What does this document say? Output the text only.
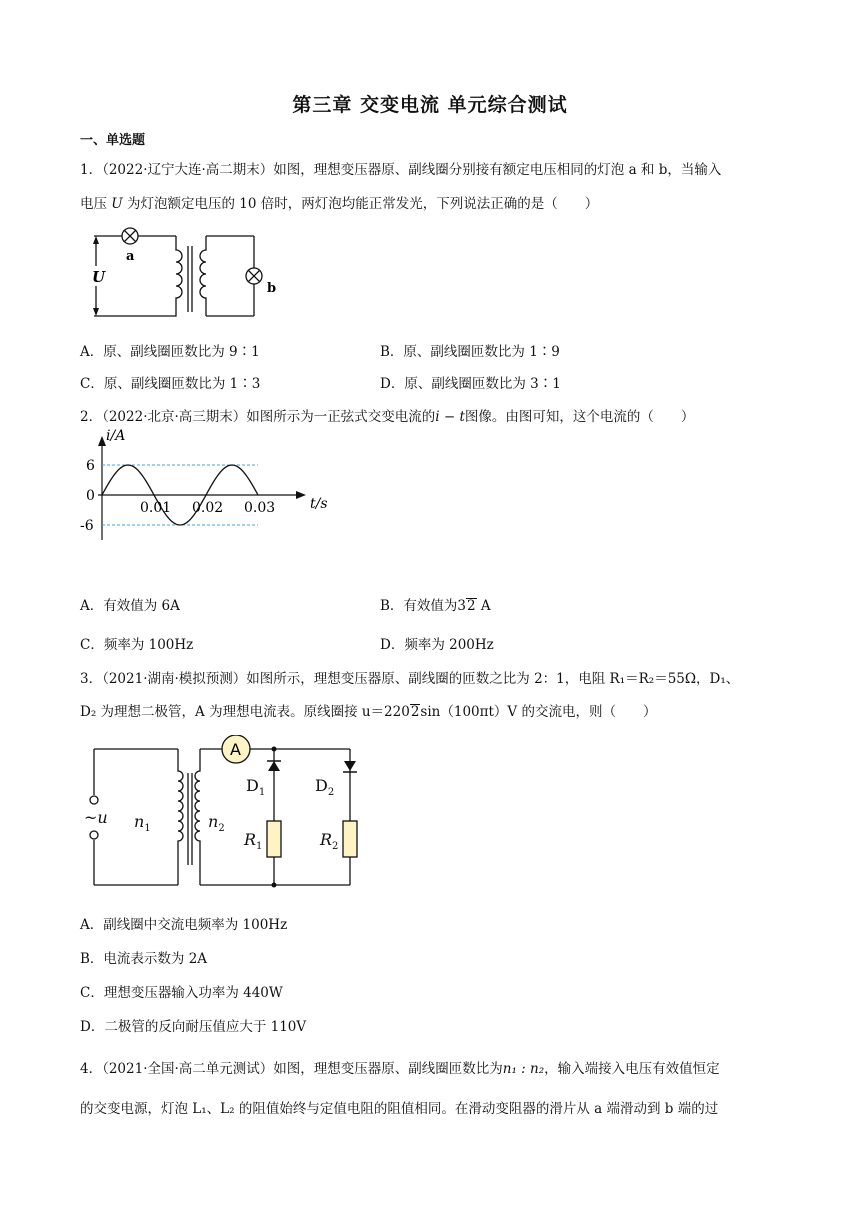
第三章 交变电流 单元综合测试
一、单选题
1．（2022·辽宁大连·高二期末）如图，理想变压器原、副线圈分别接有额定电压相同的灯泡 a 和 b，当输入
电压 U 为灯泡额定电压的 10 倍时，两灯泡均能正常发光，下列说法正确的是（　　）
U
a
b
A．原、副线圈匝数比为 9∶1	B．原、副线圈匝数比为 1∶9
C．原、副线圈匝数比为 1∶3	D．原、副线圈匝数比为 3∶1
2．（2022·北京·高三期末）如图所示为一正弦式交变电流的i − t图像。由图可知，这个电流的（　　）
i/A
t/s
6
0
-6
0.01 0.02 0.03
A．有效值为 6A	B．有效值为32 A
C．频率为 100Hz	D．频率为 200Hz
3．（2021·湖南·模拟预测）如图所示，理想变压器原、副线圈的匝数之比为 2：1，电阻 R₁＝R₂＝55Ω，D₁、
D₂ 为理想二极管，A 为理想电流表。原线圈接 u＝2202sin（100πt）V 的交流电，则（　　）
A
~u $n_1$	$n_2$
$D_1$	$D_2$
$R_1$	$R_2$
A．副线圈中交流电频率为 100Hz
B．电流表示数为 2A
C．理想变压器输入功率为 440W
D．二极管的反向耐压值应大于 110V
4．（2021·全国·高二单元测试）如图，理想变压器原、副线圈匝数比为n₁ : n₂，输入端接入电压有效值恒定
的交变电源，灯泡 L₁、L₂ 的阻值始终与定值电阻的阻值相同。在滑动变阻器的滑片从 a 端滑动到 b 端的过
